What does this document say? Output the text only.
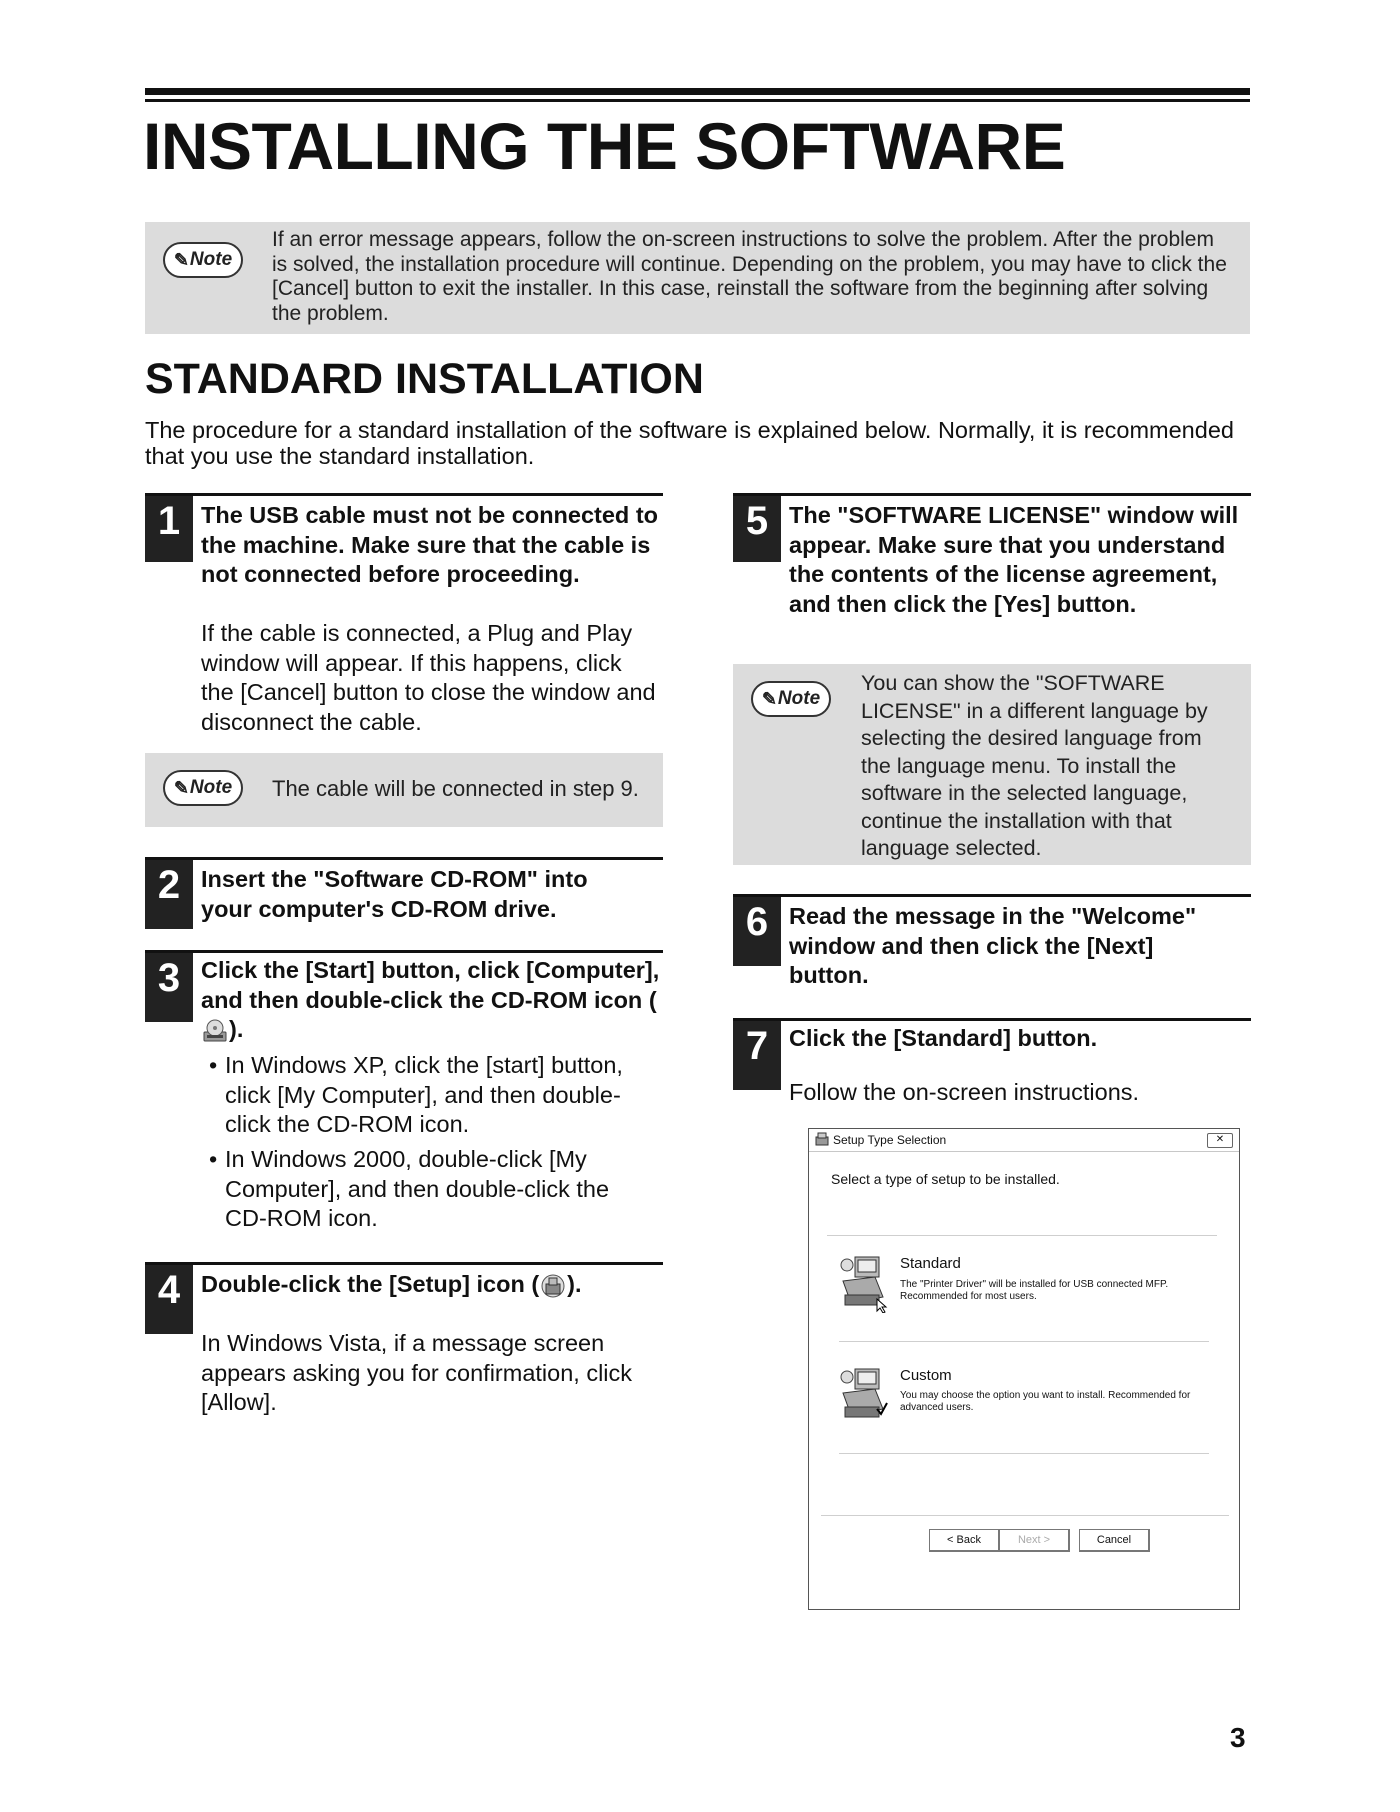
INSTALLING THE SOFTWARE
✎ Note
If an error message appears, follow the on-screen instructions to solve the problem. After the problem is solved, the installation procedure will continue. Depending on the problem, you may have to click the [Cancel] button to exit the installer. In this case, reinstall the software from the beginning after solving the problem.
STANDARD INSTALLATION
The procedure for a standard installation of the software is explained below. Normally, it is recommended that you use the standard installation.
1 The USB cable must not be connected to the machine. Make sure that the cable is not connected before proceeding.
If the cable is connected, a Plug and Play window will appear. If this happens, click the [Cancel] button to close the window and disconnect the cable.
✎ Note The cable will be connected in step 9.
2 Insert the "Software CD-ROM" into your computer's CD-ROM drive.
3 Click the [Start] button, click [Computer], and then double-click the CD-ROM icon ().
• In Windows XP, click the [start] button, click [My Computer], and then double-click the CD-ROM icon.
• In Windows 2000, double-click [My Computer], and then double-click the CD-ROM icon.
4 Double-click the [Setup] icon ( ).
In Windows Vista, if a message screen appears asking you for confirmation, click [Allow].
5 The "SOFTWARE LICENSE" window will appear. Make sure that you understand the contents of the license agreement, and then click the [Yes] button.
✎ Note
You can show the "SOFTWARE LICENSE" in a different language by selecting the desired language from the language menu. To install the software in the selected language, continue the installation with that language selected.
6 Read the message in the "Welcome" window and then click the [Next] button.
7 Click the [Standard] button.
Follow the on-screen instructions.
Setup Type Selection	✕
Select a type of setup to be installed.
Standard
The "Printer Driver" will be installed for USB connected MFP.
Recommended for most users.
Custom
You may choose the option you want to install. Recommended for
advanced users.
< Back	Next >	Cancel
3
